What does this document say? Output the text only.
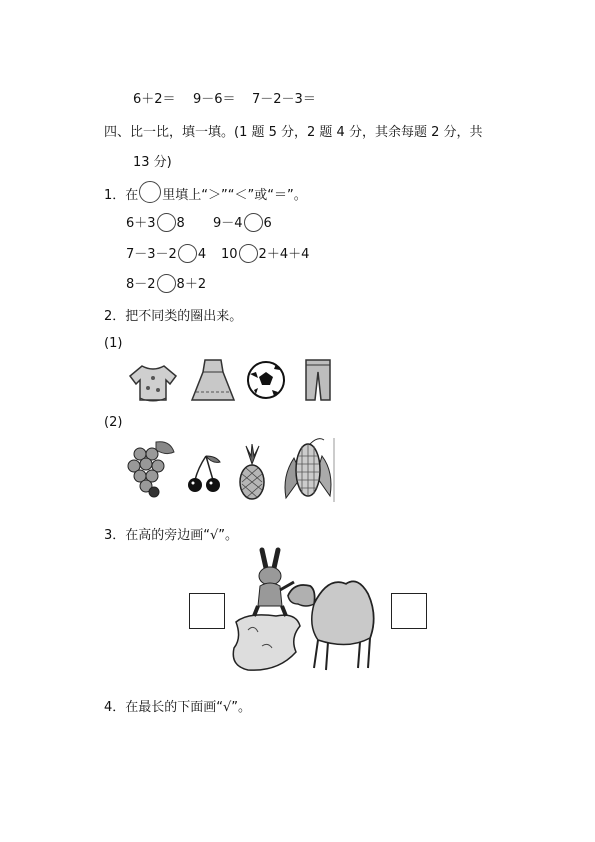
6＋2＝ 9－6＝ 7－2－3＝
四、比一比，填一填。(1 题 5 分，2 题 4 分，其余每题 2 分，共
13 分)
1．在 里填上“＞”“＜”或“＝”。
6＋3 8 9－4 6
7－3－2 4 10 2＋4＋4
8－2 8＋2
2．把不同类的圈出来。
(1)
(2)
3．在高的旁边画“√”。
4．在最长的下面画“√”。
